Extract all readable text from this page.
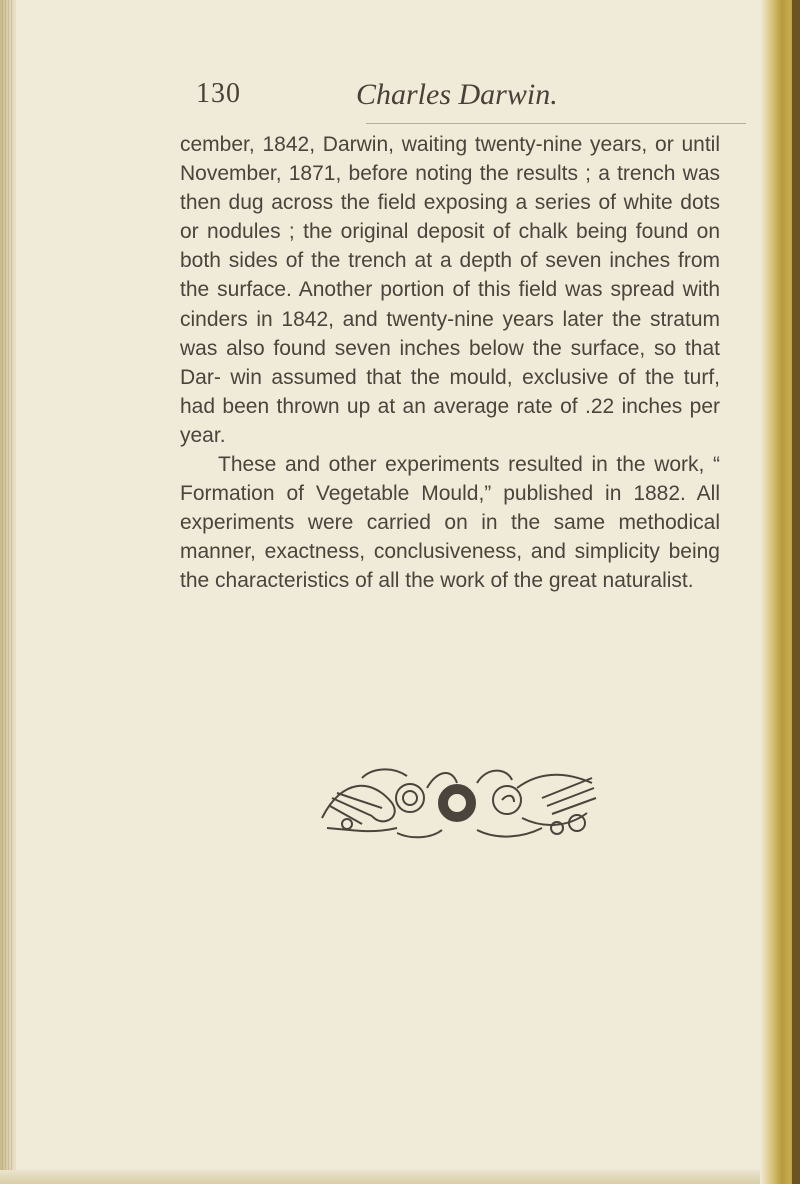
130	Charles Darwin.

cember, 1842, Darwin, waiting twenty-nine years, or until November, 1871, before noting the results ; a trench was then dug across the field exposing a series of white dots or nodules ; the original deposit of chalk being found on both sides of the trench at a depth of seven inches from the surface. Another portion of this field was spread with cinders in 1842, and twenty-nine years later the stratum was also found seven inches below the surface, so that Dar- win assumed that the mould, exclusive of the turf, had been thrown up at an average rate of .22 inches per year.

These and other experiments resulted in the work, “ Formation of Vegetable Mould,” published in 1882. All experiments were carried on in the same methodical manner, exactness, conclusiveness, and simplicity being the characteristics of all the work of the great naturalist.
